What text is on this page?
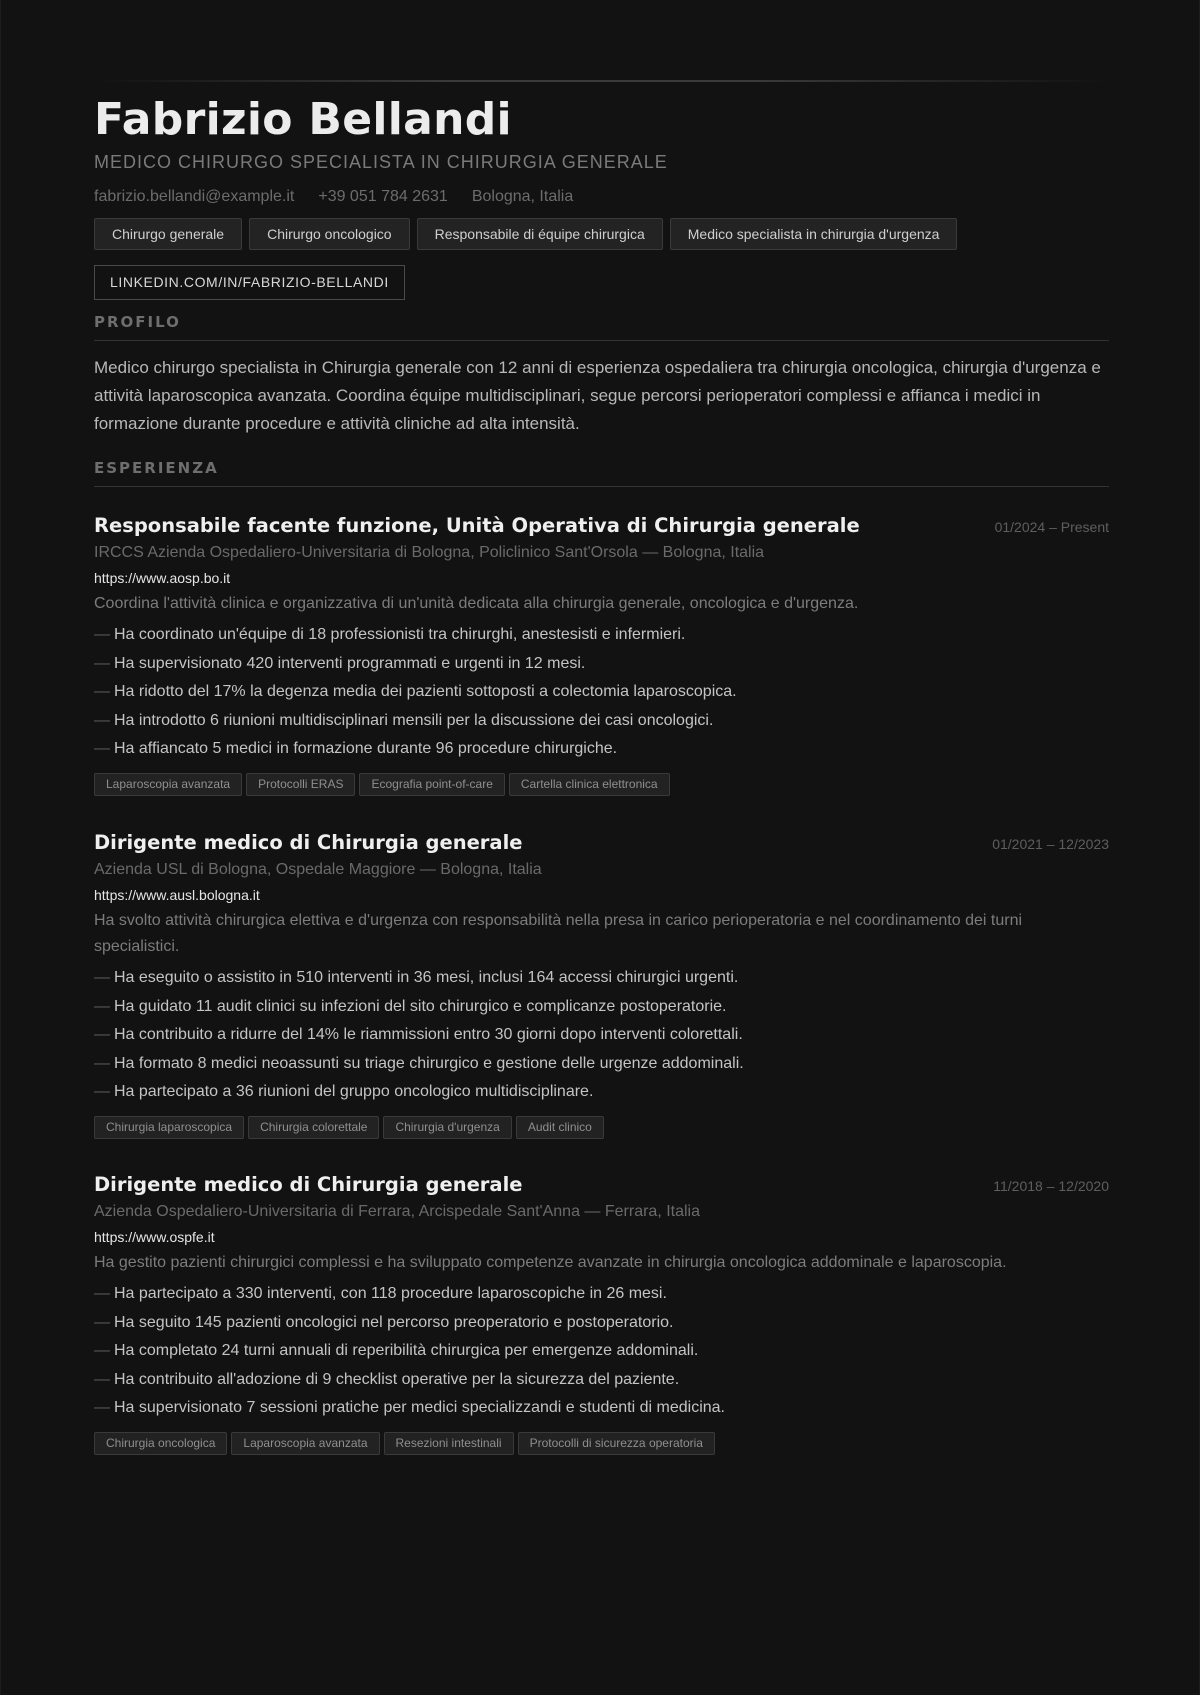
Fabrizio Bellandi
MEDICO CHIRURGO SPECIALISTA IN CHIRURGIA GENERALE
fabrizio.bellandi@example.it +39 051 784 2631 Bologna, Italia
Chirurgo generale	Chirurgo oncologico	Responsabile di équipe chirurgica	Medico specialista in chirurgia d'urgenza
LINKEDIN.COM/IN/FABRIZIO-BELLANDI
PROFILO
Medico chirurgo specialista in Chirurgia generale con 12 anni di esperienza ospedaliera tra chirurgia oncologica, chirurgia d'urgenza e attività laparoscopica avanzata. Coordina équipe multidisciplinari, segue percorsi perioperatori complessi e affianca i medici in formazione durante procedure e attività cliniche ad alta intensità.
ESPERIENZA
Responsabile facente funzione, Unità Operativa di Chirurgia generale	01/2024 – Present
IRCCS Azienda Ospedaliero-Universitaria di Bologna, Policlinico Sant'Orsola — Bologna, Italia
https://www.aosp.bo.it
Coordina l'attività clinica e organizzativa di un'unità dedicata alla chirurgia generale, oncologica e d'urgenza.
— Ha coordinato un'équipe di 18 professionisti tra chirurghi, anestesisti e infermieri.
— Ha supervisionato 420 interventi programmati e urgenti in 12 mesi.
— Ha ridotto del 17% la degenza media dei pazienti sottoposti a colectomia laparoscopica.
— Ha introdotto 6 riunioni multidisciplinari mensili per la discussione dei casi oncologici.
— Ha affiancato 5 medici in formazione durante 96 procedure chirurgiche.
Laparoscopia avanzata	Protocolli ERAS	Ecografia point-of-care	Cartella clinica elettronica
Dirigente medico di Chirurgia generale	01/2021 – 12/2023
Azienda USL di Bologna, Ospedale Maggiore — Bologna, Italia
https://www.ausl.bologna.it
Ha svolto attività chirurgica elettiva e d'urgenza con responsabilità nella presa in carico perioperatoria e nel coordinamento dei turni specialistici.
— Ha eseguito o assistito in 510 interventi in 36 mesi, inclusi 164 accessi chirurgici urgenti.
— Ha guidato 11 audit clinici su infezioni del sito chirurgico e complicanze postoperatorie.
— Ha contribuito a ridurre del 14% le riammissioni entro 30 giorni dopo interventi colorettali.
— Ha formato 8 medici neoassunti su triage chirurgico e gestione delle urgenze addominali.
— Ha partecipato a 36 riunioni del gruppo oncologico multidisciplinare.
Chirurgia laparoscopica	Chirurgia colorettale	Chirurgia d'urgenza	Audit clinico
Dirigente medico di Chirurgia generale	11/2018 – 12/2020
Azienda Ospedaliero-Universitaria di Ferrara, Arcispedale Sant'Anna — Ferrara, Italia
https://www.ospfe.it
Ha gestito pazienti chirurgici complessi e ha sviluppato competenze avanzate in chirurgia oncologica addominale e laparoscopia.
— Ha partecipato a 330 interventi, con 118 procedure laparoscopiche in 26 mesi.
— Ha seguito 145 pazienti oncologici nel percorso preoperatorio e postoperatorio.
— Ha completato 24 turni annuali di reperibilità chirurgica per emergenze addominali.
— Ha contribuito all'adozione di 9 checklist operative per la sicurezza del paziente.
— Ha supervisionato 7 sessioni pratiche per medici specializzandi e studenti di medicina.
Chirurgia oncologica	Laparoscopia avanzata	Resezioni intestinali	Protocolli di sicurezza operatoria
